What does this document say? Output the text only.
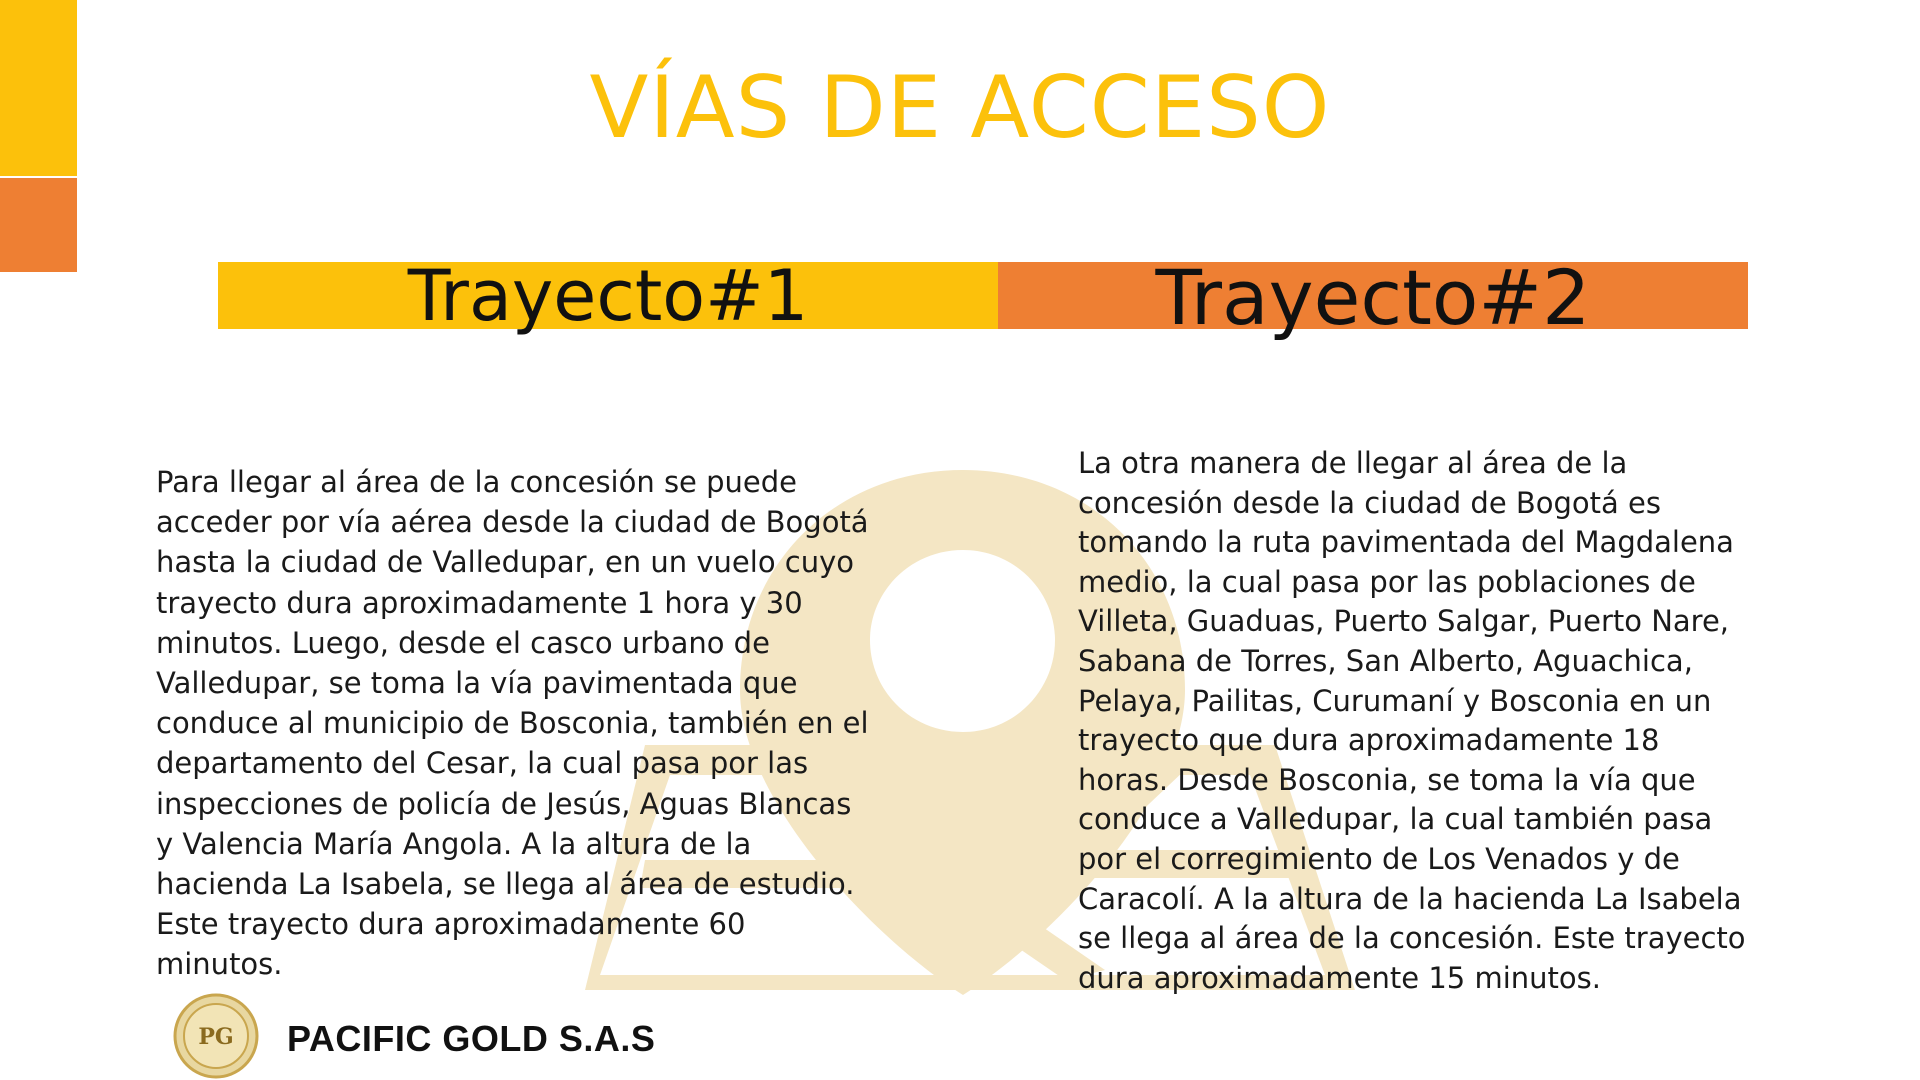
VÍAS DE ACCESO
Trayecto#1	Trayecto#2
Para llegar al área de la concesión se puede
acceder por vía aérea desde la ciudad de Bogotá
hasta la ciudad de Valledupar, en un vuelo cuyo
trayecto dura aproximadamente 1 hora y 30
minutos. Luego, desde el casco urbano de
Valledupar, se toma la vía pavimentada que
conduce al municipio de Bosconia, también en el
departamento del Cesar, la cual pasa por las
inspecciones de policía de Jesús, Aguas Blancas
y Valencia María Angola. A la altura de la
hacienda La Isabela, se llega al área de estudio.
Este trayecto dura aproximadamente 60
minutos.
La otra manera de llegar al área de la
concesión desde la ciudad de Bogotá es
tomando la ruta pavimentada del Magdalena
medio, la cual pasa por las poblaciones de
Villeta, Guaduas, Puerto Salgar, Puerto Nare,
Sabana de Torres, San Alberto, Aguachica,
Pelaya, Pailitas, Curumaní y Bosconia en un
trayecto que dura aproximadamente 18
horas. Desde Bosconia, se toma la vía que
conduce a Valledupar, la cual también pasa
por el corregimiento de Los Venados y de
Caracolí. A la altura de la hacienda La Isabela
se llega al área de la concesión. Este trayecto
dura aproximadamente 15 minutos.
PG PACIFIC GOLD S.A.S
